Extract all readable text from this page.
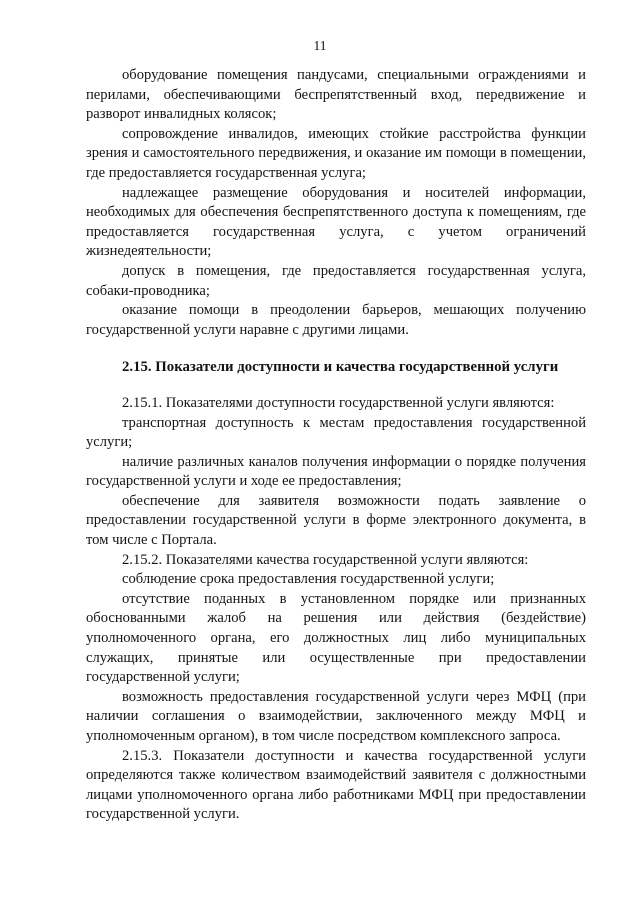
11

оборудование помещения пандусами, специальными ограждениями и перилами, обеспечивающими беспрепятственный вход, передвижение и разворот инвалидных колясок;

сопровождение инвалидов, имеющих стойкие расстройства функции зрения и самостоятельного передвижения, и оказание им помощи в помещении, где предоставляется государственная услуга;

надлежащее размещение оборудования и носителей информации, необходимых для обеспечения беспрепятственного доступа к помещениям, где предоставляется государственная услуга, с учетом ограничений жизнедеятельности;

допуск в помещения, где предоставляется государственная услуга, собаки-проводника;

оказание помощи в преодолении барьеров, мешающих получению государственной услуги наравне с другими лицами.

2.15. Показатели доступности и качества государственной услуги

2.15.1. Показателями доступности государственной услуги являются:

транспортная доступность к местам предоставления государственной услуги;

наличие различных каналов получения информации о порядке получения государственной услуги и ходе ее предоставления;

обеспечение для заявителя возможности подать заявление о предоставлении государственной услуги в форме электронного документа, в том числе с Портала.

2.15.2. Показателями качества государственной услуги являются:

соблюдение срока предоставления государственной услуги;

отсутствие поданных в установленном порядке или признанных обоснованными жалоб на решения или действия (бездействие) уполномоченного органа, его должностных лиц либо муниципальных служащих, принятые или осуществленные при предоставлении государственной услуги;

возможность предоставления государственной услуги через МФЦ (при наличии соглашения о взаимодействии, заключенного между МФЦ и уполномоченным органом), в том числе посредством комплексного запроса.

2.15.3. Показатели доступности и качества государственной услуги определяются также количеством взаимодействий заявителя с должностными лицами уполномоченного органа либо работниками МФЦ при предоставлении государственной услуги.
